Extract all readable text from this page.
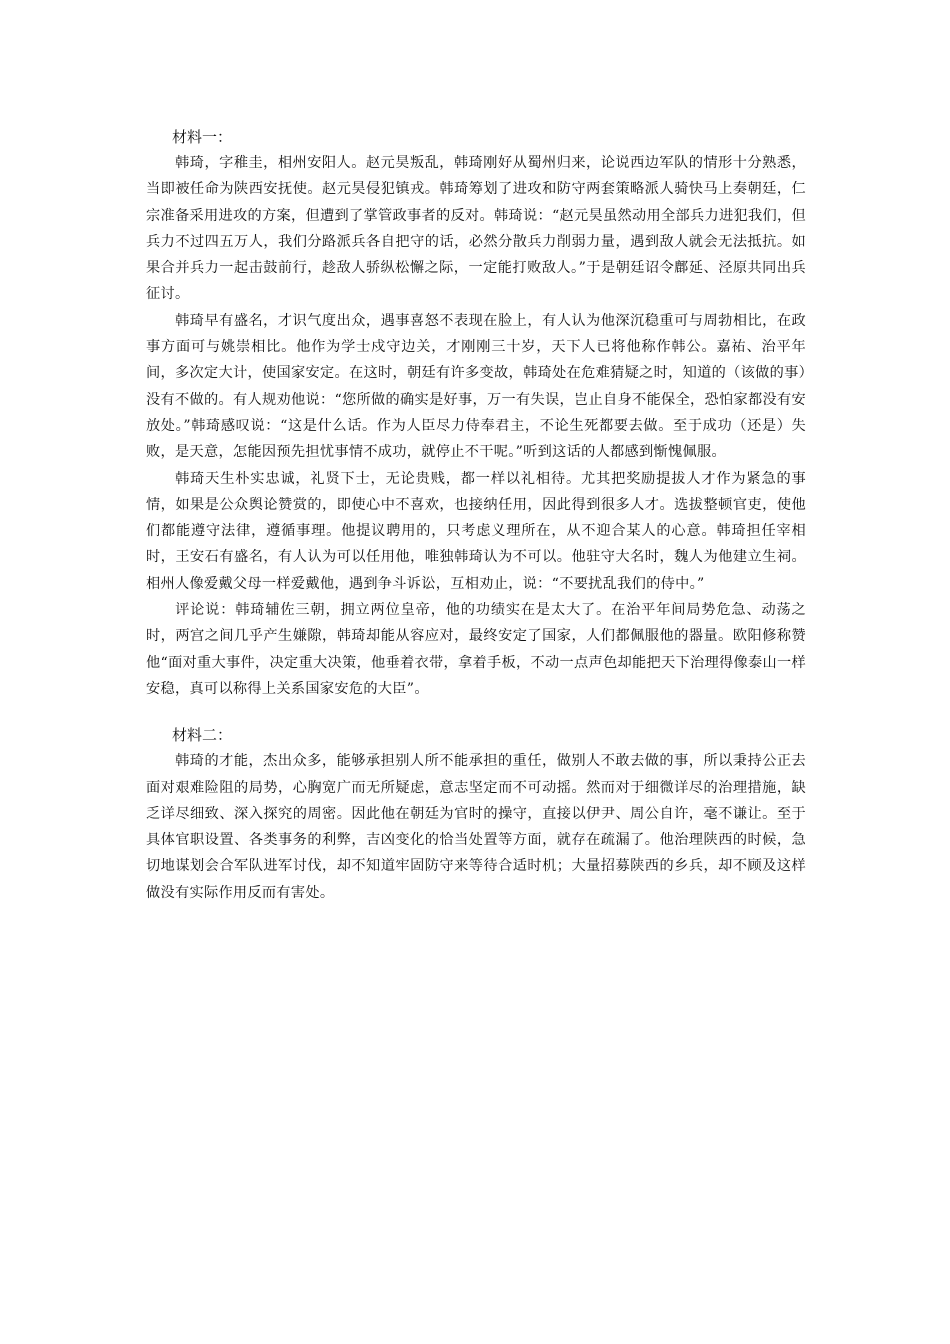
材料一：

韩琦，字稚圭，相州安阳人。赵元昊叛乱，韩琦刚好从蜀州归来，论说西边军队的情形十分熟悉，当即被任命为陕西安抚使。赵元昊侵犯镇戎。韩琦筹划了进攻和防守两套策略派人骑快马上奏朝廷，仁宗准备采用进攻的方案，但遭到了掌管政事者的反对。韩琦说：“赵元昊虽然动用全部兵力进犯我们，但兵力不过四五万人，我们分路派兵各自把守的话，必然分散兵力削弱力量，遇到敌人就会无法抵抗。如果合并兵力一起击鼓前行，趁敌人骄纵松懈之际，一定能打败敌人。”于是朝廷诏令鄜延、泾原共同出兵征讨。

韩琦早有盛名，才识气度出众，遇事喜怒不表现在脸上，有人认为他深沉稳重可与周勃相比，在政事方面可与姚崇相比。他作为学士戍守边关，才刚刚三十岁，天下人已将他称作韩公。嘉祐、治平年间，多次定大计，使国家安定。在这时，朝廷有许多变故，韩琦处在危难猜疑之时，知道的（该做的事）没有不做的。有人规劝他说：“您所做的确实是好事，万一有失误，岂止自身不能保全，恐怕家都没有安放处。”韩琦感叹说：“这是什么话。作为人臣尽力侍奉君主，不论生死都要去做。至于成功（还是）失败，是天意，怎能因预先担忧事情不成功，就停止不干呢。”听到这话的人都感到惭愧佩服。

韩琦天生朴实忠诚，礼贤下士，无论贵贱，都一样以礼相待。尤其把奖励提拔人才作为紧急的事情，如果是公众舆论赞赏的，即使心中不喜欢，也接纳任用，因此得到很多人才。选拔整顿官吏，使他们都能遵守法律，遵循事理。他提议聘用的，只考虑义理所在，从不迎合某人的心意。韩琦担任宰相时，王安石有盛名，有人认为可以任用他，唯独韩琦认为不可以。他驻守大名时，魏人为他建立生祠。相州人像爱戴父母一样爱戴他，遇到争斗诉讼，互相劝止，说：“不要扰乱我们的侍中。”

评论说：韩琦辅佐三朝，拥立两位皇帝，他的功绩实在是太大了。在治平年间局势危急、动荡之时，两宫之间几乎产生嫌隙，韩琦却能从容应对，最终安定了国家，人们都佩服他的器量。欧阳修称赞他“面对重大事件，决定重大决策，他垂着衣带，拿着手板，不动一点声色却能把天下治理得像泰山一样安稳，真可以称得上关系国家安危的大臣”。

材料二：

韩琦的才能，杰出众多，能够承担别人所不能承担的重任，做别人不敢去做的事，所以秉持公正去面对艰难险阻的局势，心胸宽广而无所疑虑，意志坚定而不可动摇。然而对于细微详尽的治理措施，缺乏详尽细致、深入探究的周密。因此他在朝廷为官时的操守，直接以伊尹、周公自许，毫不谦让。至于具体官职设置、各类事务的利弊，吉凶变化的恰当处置等方面，就存在疏漏了。他治理陕西的时候，急切地谋划会合军队进军讨伐，却不知道牢固防守来等待合适时机；大量招募陕西的乡兵，却不顾及这样做没有实际作用反而有害处。
